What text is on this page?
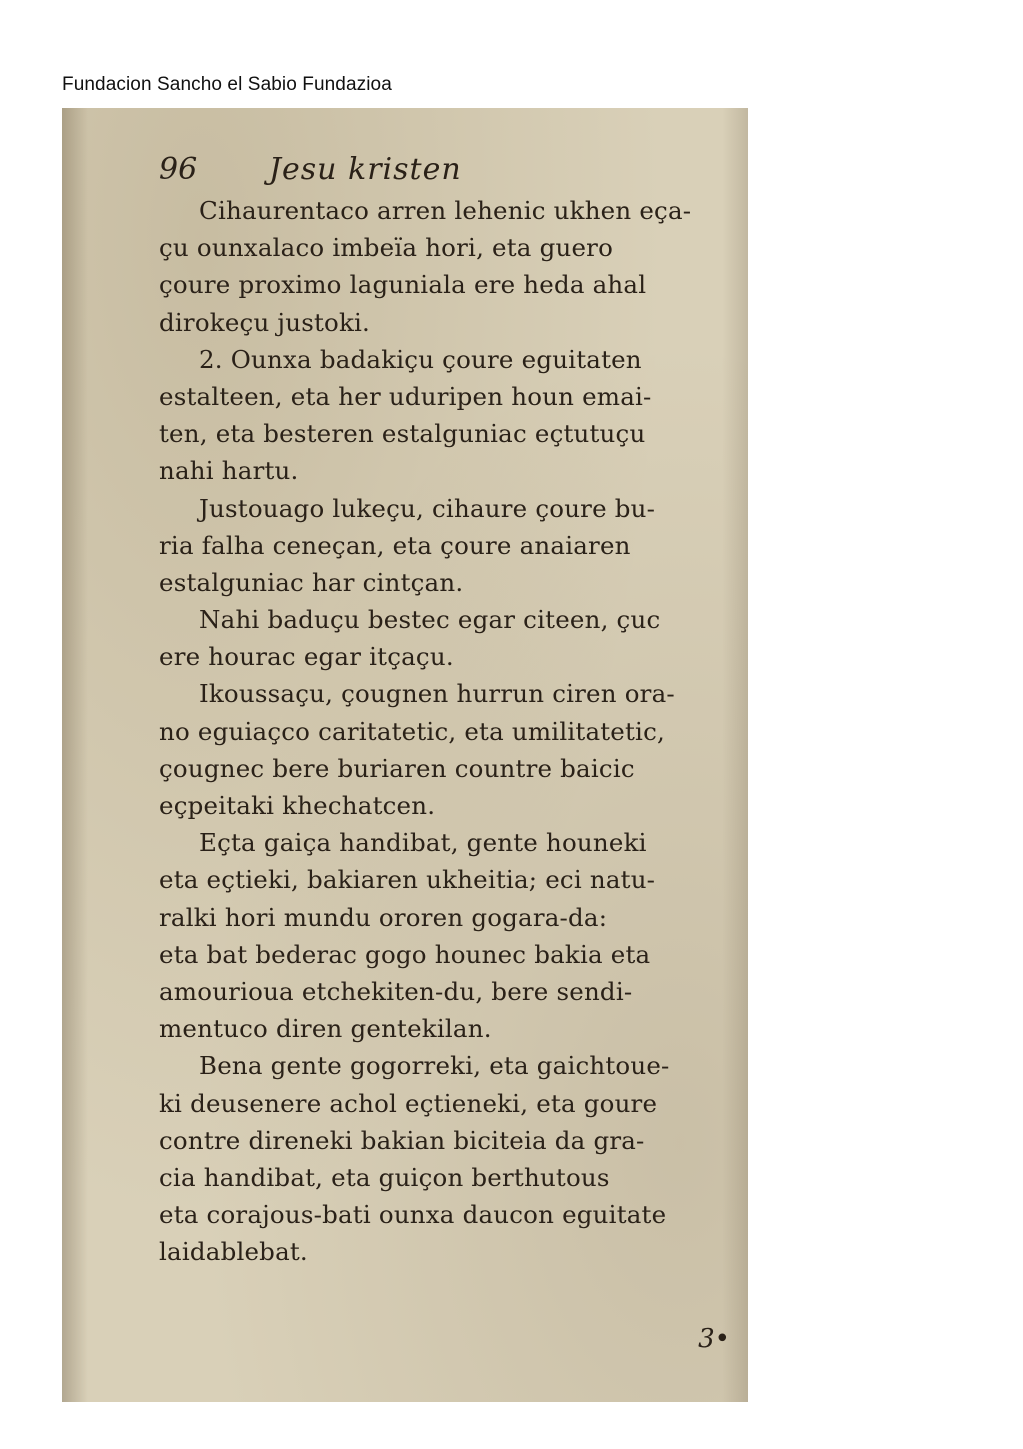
Fundacion Sancho el Sabio Fundazioa
96	Jesu kristen
Cihaurentaco arren lehenic ukhen eça-
çu ounxalaco imbeïa hori, eta guero
çoure proximo laguniala ere heda ahal
dirokeçu justoki.
2. Ounxa badakiçu çoure eguitaten
estalteen, eta her uduripen houn emai-
ten, eta besteren estalguniac eçtutuçu
nahi hartu.
Justouago lukeçu, cihaure çoure bu-
ria falha ceneçan, eta çoure anaiaren
estalguniac har cintçan.
Nahi baduçu bestec egar citeen, çuc
ere hourac egar itçaçu.
Ikoussaçu, çougnen hurrun ciren ora-
no eguiaçco caritatetic, eta umilitatetic,
çougnec bere buriaren countre baicic
eçpeitaki khechatcen.
Eçta gaiça handibat, gente houneki
eta eçtieki, bakiaren ukheitia; eci natu-
ralki hori mundu ororen gogara-da:
eta bat bederac gogo hounec bakia eta
amourioua etchekiten-du, bere sendi-
mentuco diren gentekilan.
Bena gente gogorreki, eta gaichtoue-
ki deusenere achol eçtieneki, eta goure
contre direneki bakian biciteia da gra-
cia handibat, eta guiçon berthutous
eta corajous-bati ounxa daucon eguitate
laidablebat.
3•
